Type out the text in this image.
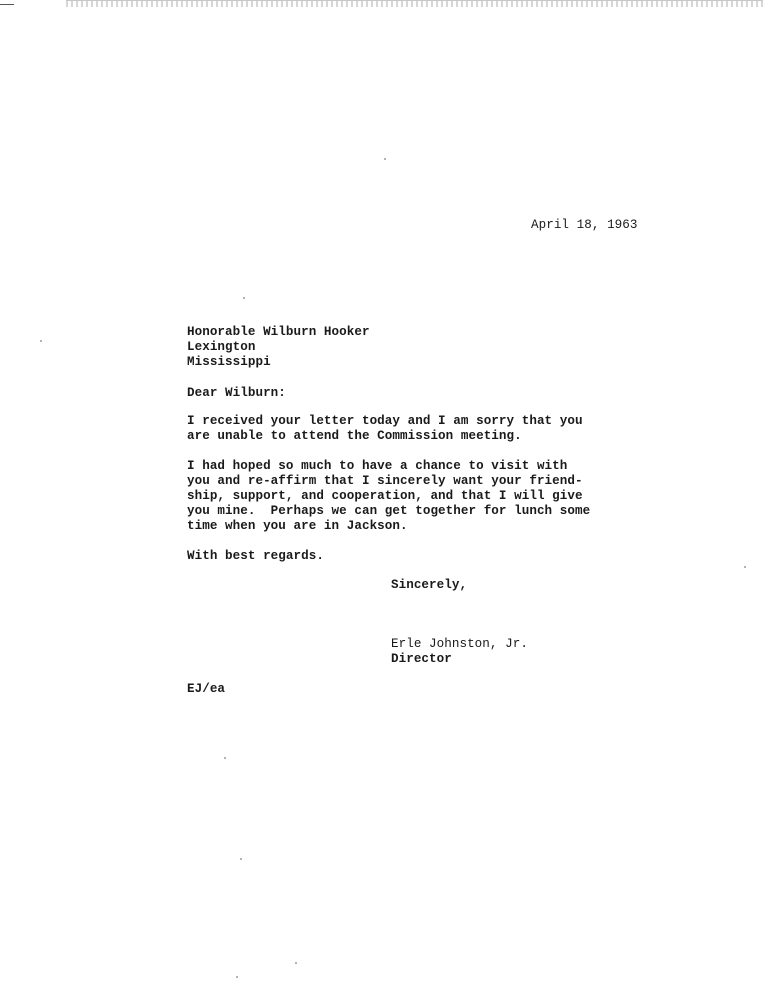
April 18, 1963
Honorable Wilburn Hooker
Lexington
Mississippi
Dear Wilburn:
I received your letter today and I am sorry that you
are unable to attend the Commission meeting.
I had hoped so much to have a chance to visit with
you and re-affirm that I sincerely want your friend-
ship, support, and cooperation, and that I will give
you mine.  Perhaps we can get together for lunch some
time when you are in Jackson.
With best regards.
Sincerely,
Erle Johnston, Jr.
Director
EJ/ea
